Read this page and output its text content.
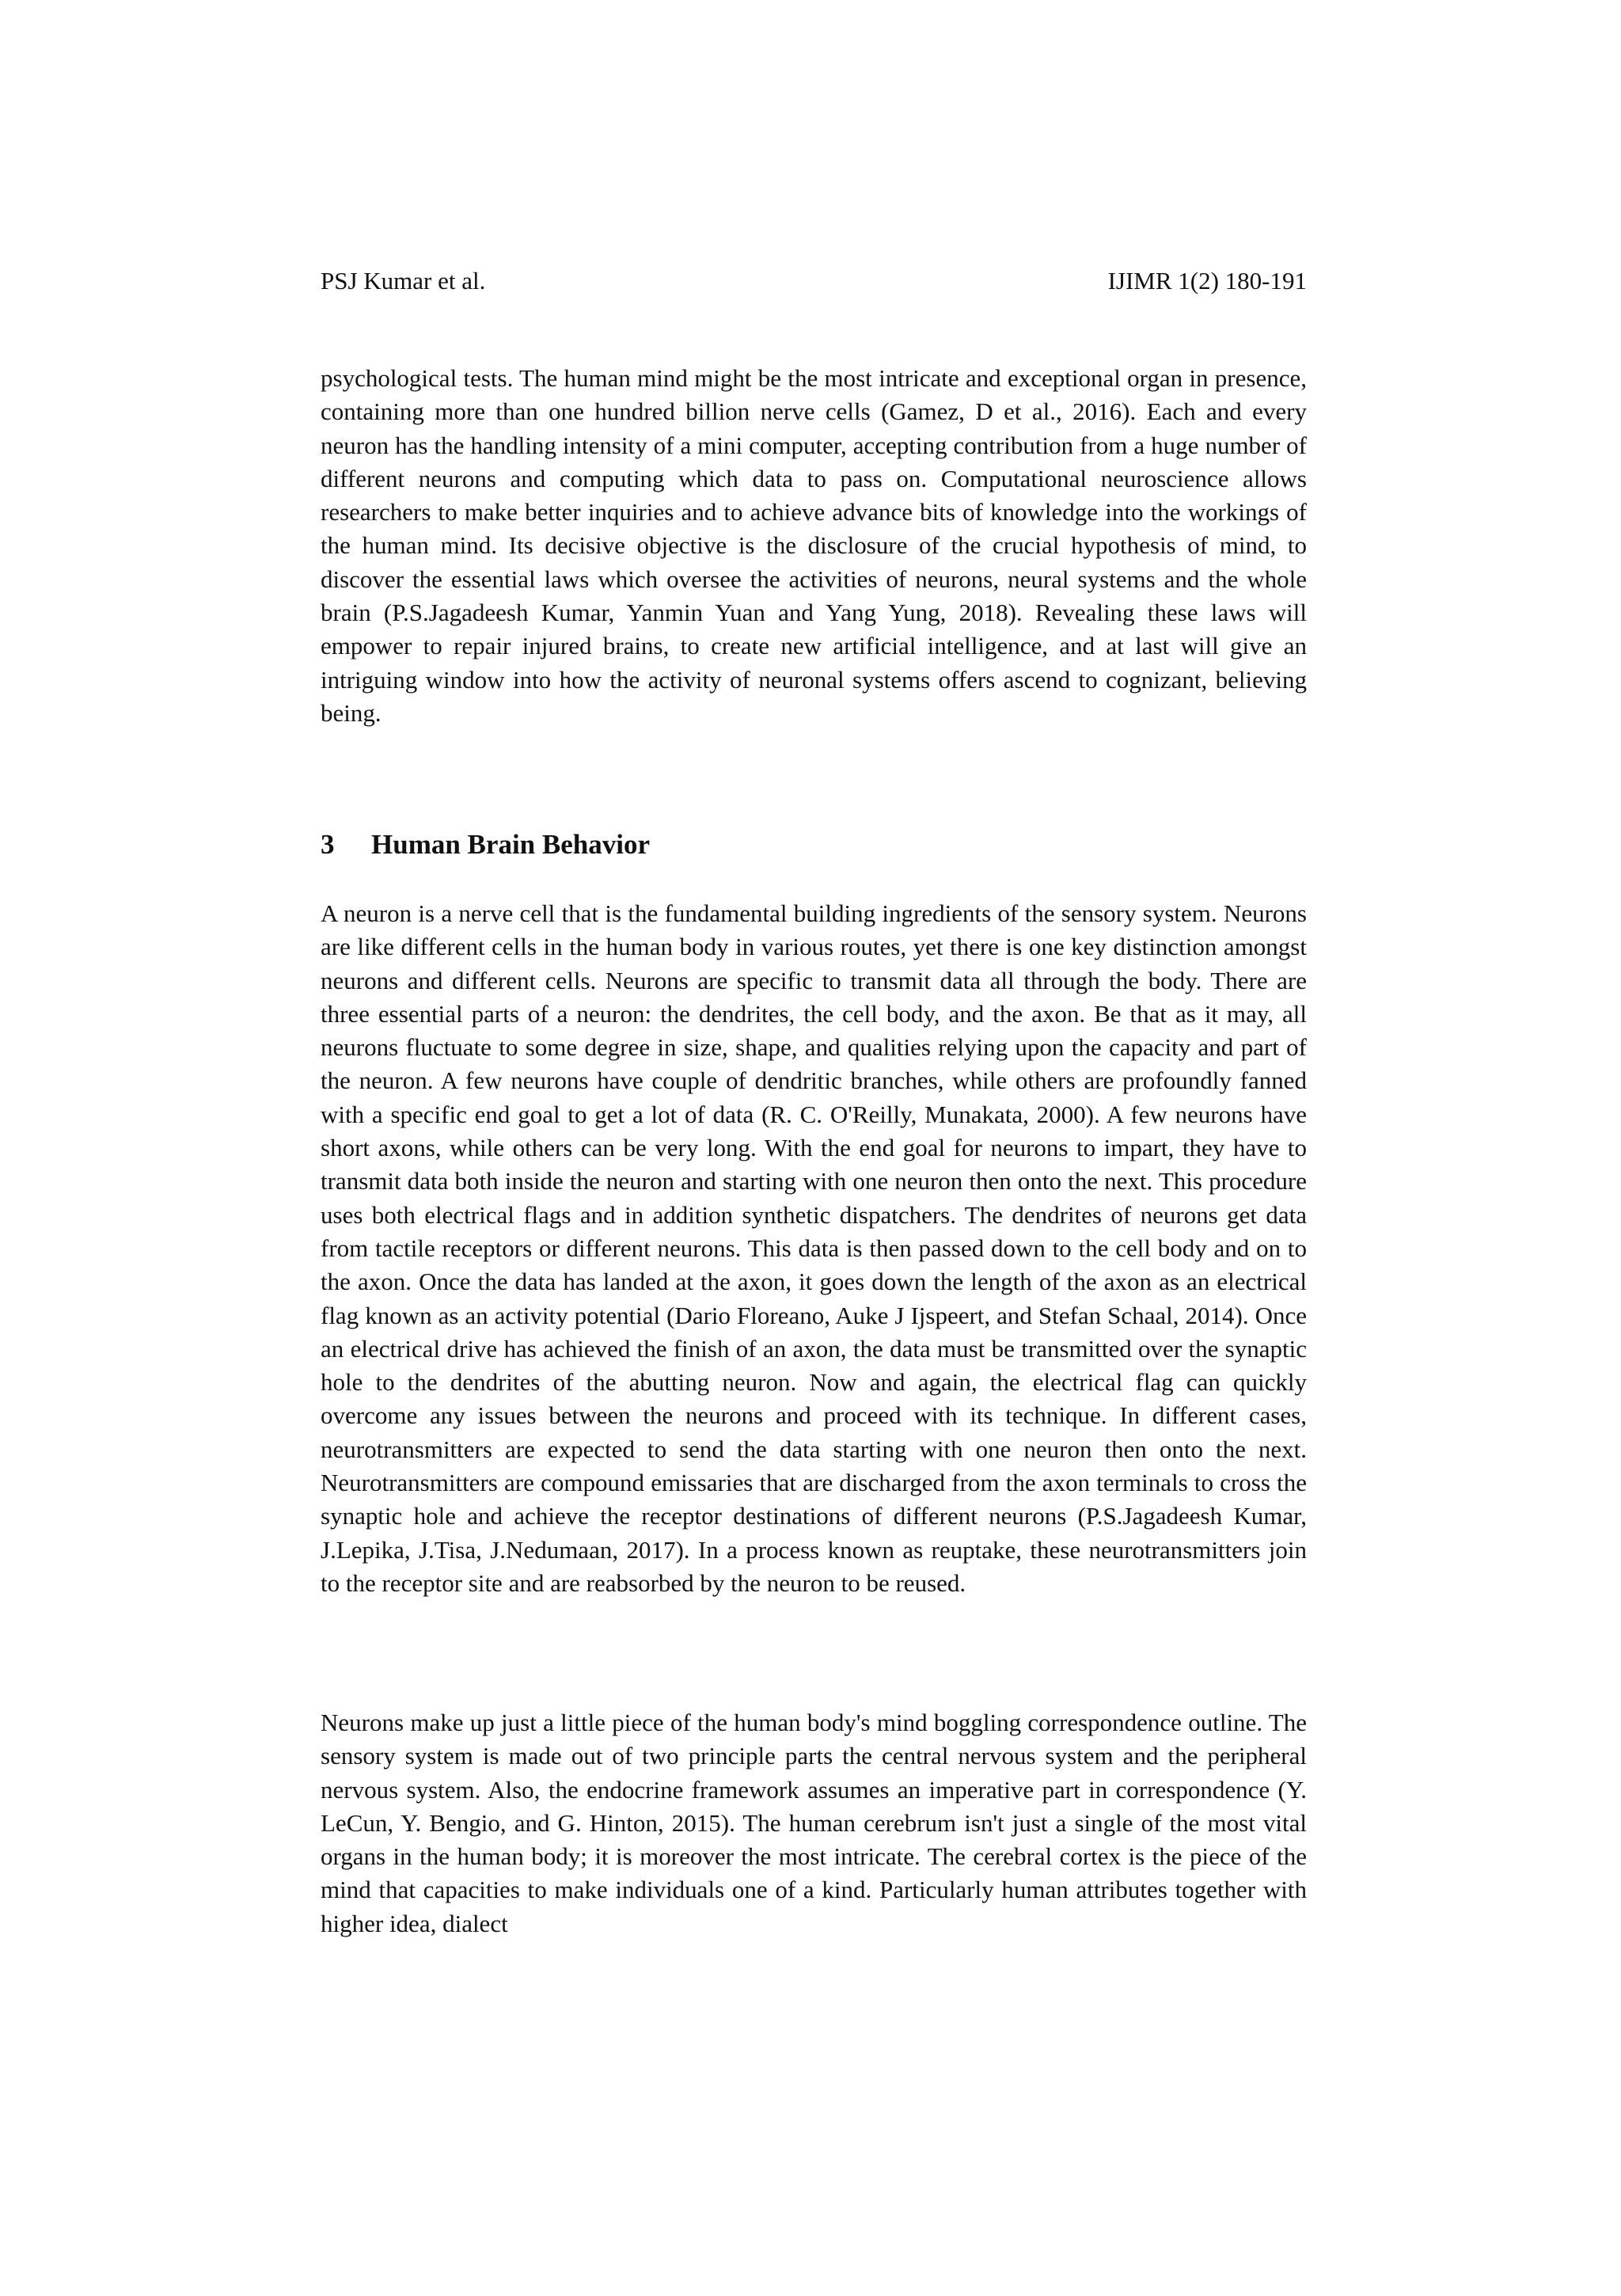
PSJ Kumar et al.	IJIMR 1(2) 180-191

psychological tests. The human mind might be the most intricate and exceptional organ in presence, containing more than one hundred billion nerve cells (Gamez, D et al., 2016). Each and every neuron has the handling intensity of a mini computer, accepting contribution from a huge number of different neurons and computing which data to pass on. Computational neuroscience allows researchers to make better inquiries and to achieve advance bits of knowledge into the workings of the human mind. Its decisive objective is the disclosure of the crucial hypothesis of mind, to discover the essential laws which oversee the activities of neurons, neural systems and the whole brain (P.S.Jagadeesh Kumar, Yanmin Yuan and Yang Yung, 2018). Revealing these laws will empower to repair injured brains, to create new artificial intelligence, and at last will give an intriguing window into how the activity of neuronal systems offers ascend to cognizant, believing being.

3	Human Brain Behavior

A neuron is a nerve cell that is the fundamental building ingredients of the sensory system. Neurons are like different cells in the human body in various routes, yet there is one key distinction amongst neurons and different cells. Neurons are specific to transmit data all through the body. There are three essential parts of a neuron: the dendrites, the cell body, and the axon. Be that as it may, all neurons fluctuate to some degree in size, shape, and qualities relying upon the capacity and part of the neuron. A few neurons have couple of dendritic branches, while others are profoundly fanned with a specific end goal to get a lot of data (R. C. O'Reilly, Munakata, 2000). A few neurons have short axons, while others can be very long. With the end goal for neurons to impart, they have to transmit data both inside the neuron and starting with one neuron then onto the next. This procedure uses both electrical flags and in addition synthetic dispatchers. The dendrites of neurons get data from tactile receptors or different neurons. This data is then passed down to the cell body and on to the axon. Once the data has landed at the axon, it goes down the length of the axon as an electrical flag known as an activity potential (Dario Floreano, Auke J Ijspeert, and Stefan Schaal, 2014). Once an electrical drive has achieved the finish of an axon, the data must be transmitted over the synaptic hole to the dendrites of the abutting neuron. Now and again, the electrical flag can quickly overcome any issues between the neurons and proceed with its technique. In different cases, neurotransmitters are expected to send the data starting with one neuron then onto the next. Neurotransmitters are compound emissaries that are discharged from the axon terminals to cross the synaptic hole and achieve the receptor destinations of different neurons (P.S.Jagadeesh Kumar, J.Lepika, J.Tisa, J.Nedumaan, 2017). In a process known as reuptake, these neurotransmitters join to the receptor site and are reabsorbed by the neuron to be reused.

Neurons make up just a little piece of the human body's mind boggling correspondence outline. The sensory system is made out of two principle parts the central nervous system and the peripheral nervous system. Also, the endocrine framework assumes an imperative part in correspondence (Y. LeCun, Y. Bengio, and G. Hinton, 2015). The human cerebrum isn't just a single of the most vital organs in the human body; it is moreover the most intricate. The cerebral cortex is the piece of the mind that capacities to make individuals one of a kind. Particularly human attributes together with higher idea, dialect
